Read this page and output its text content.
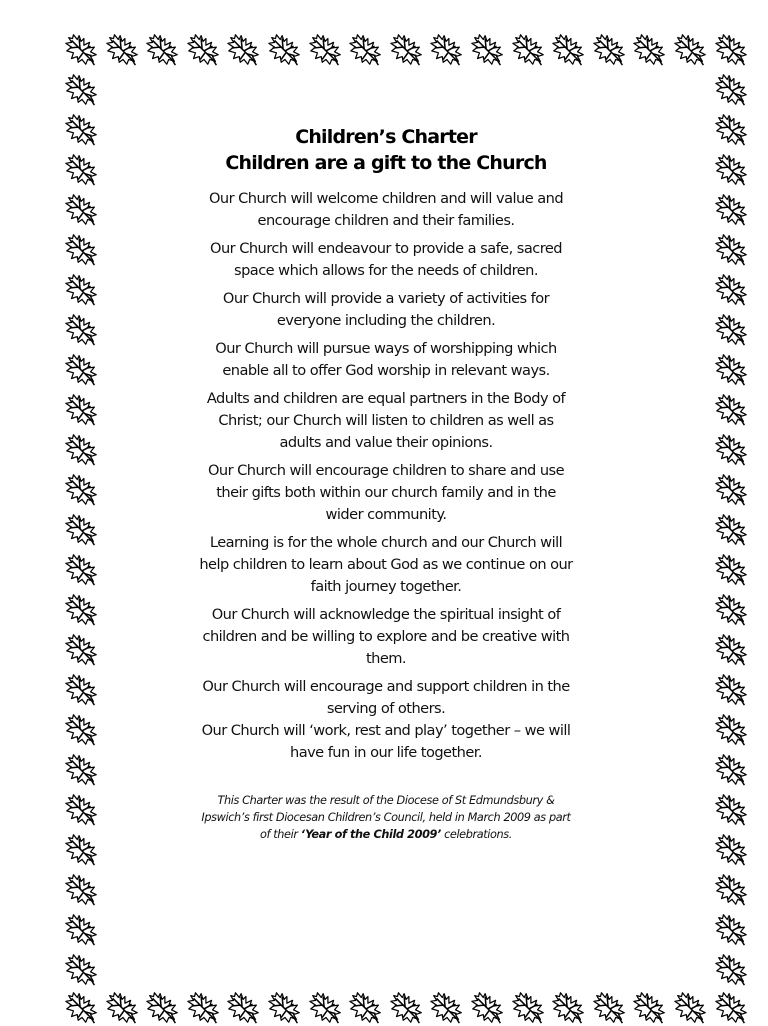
Children’s Charter
Children are a gift to the Church

Our Church will welcome children and will value and encourage children and their families.

Our Church will endeavour to provide a safe, sacred space which allows for the needs of children.

Our Church will provide a variety of activities for everyone including the children.

Our Church will pursue ways of worshipping which enable all to offer God worship in relevant ways.

Adults and children are equal partners in the Body of Christ; our Church will listen to children as well as adults and value their opinions.

Our Church will encourage children to share and use their gifts both within our church family and in the wider community.

Learning is for the whole church and our Church will help children to learn about God as we continue on our faith journey together.

Our Church will acknowledge the spiritual insight of children and be willing to explore and be creative with them.

Our Church will encourage and support children in the serving of others.

Our Church will ‘work, rest and play’ together – we will have fun in our life together.

This Charter was the result of the Diocese of St Edmundsbury & Ipswich’s first Diocesan Children’s Council, held in March 2009 as part of their ‘Year of the Child 2009’ celebrations.
